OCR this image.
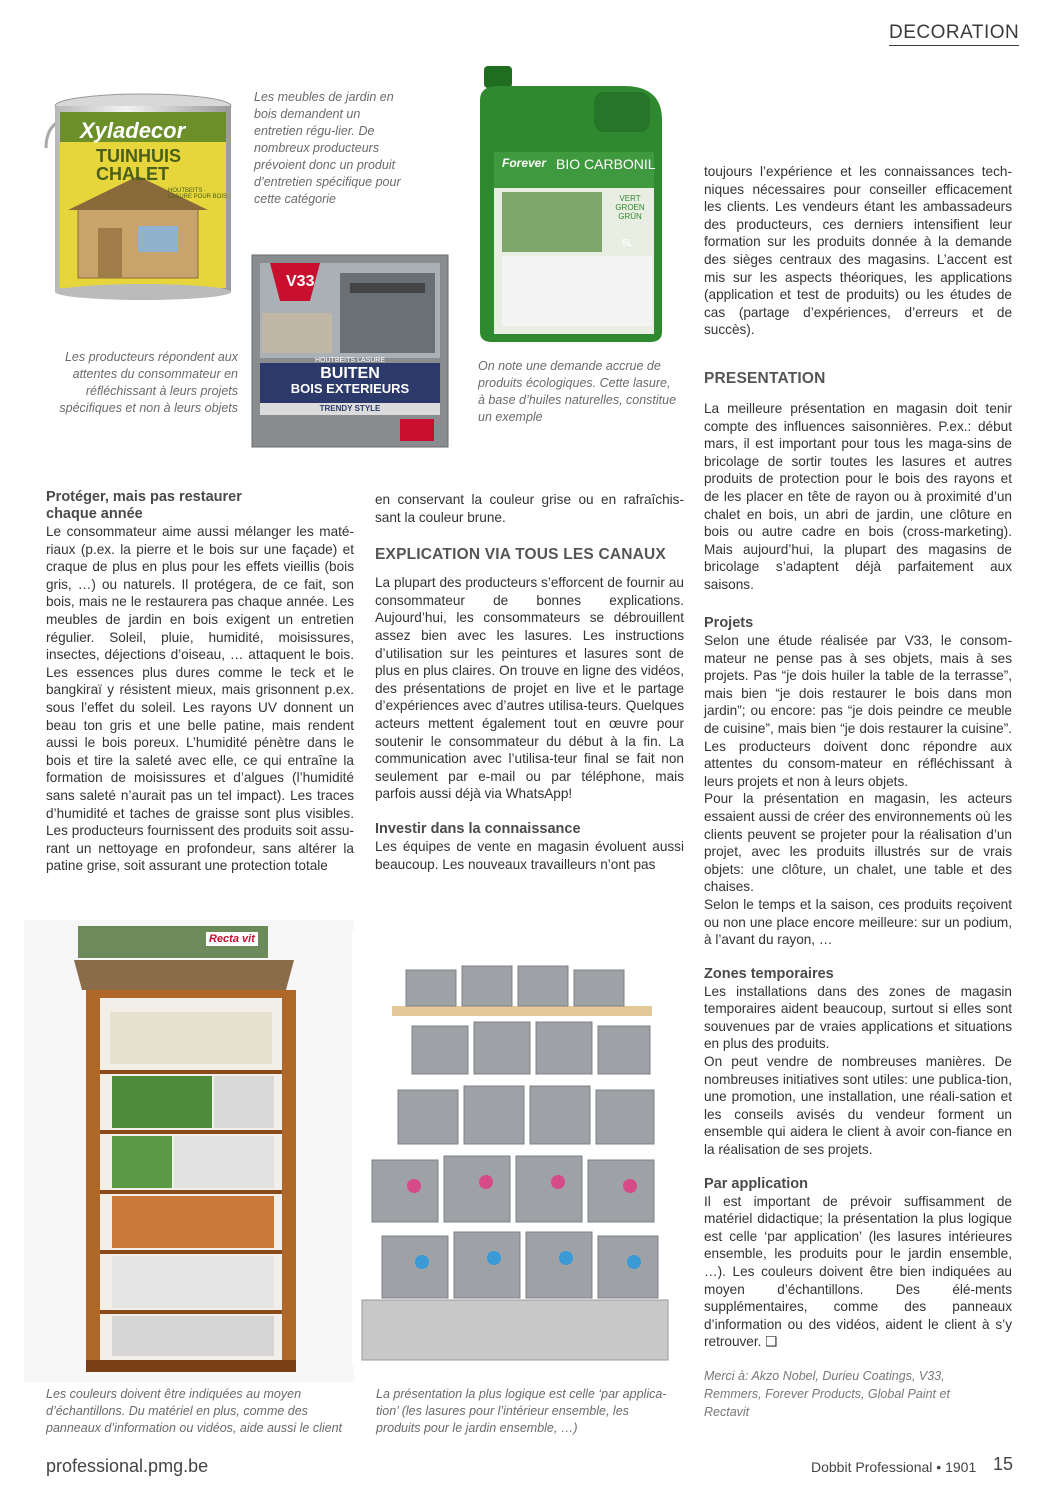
DECORATION
Xyladecor
TUINHUIS
CHALET
HOUTBEITS · LASURE POUR BOIS
Les meubles de jardin en bois demandent un entretien régu-lier. De nombreux producteurs prévoient donc un produit d’entretien spécifique pour cette catégorie
V33
HOUTBEITS LASURE
BUITEN
BOIS EXTERIEURS
TRENDY STYLE
Les producteurs répondent aux attentes du consommateur en réfléchissant à leurs projets spécifiques et non à leurs objets
Forever BIO CARBONIL
VERT GROEN GRÜN
5L
On note une demande accrue de produits écologiques. Cette lasure, à base d’huiles naturelles, constitue un exemple

toujours l’expérience et les connaissances tech-niques nécessaires pour conseiller efficacement les clients. Les vendeurs étant les ambassadeurs des producteurs, ces derniers intensifient leur formation sur les produits donnée à la demande des sièges centraux des magasins. L’accent est mis sur les aspects théoriques, les applications (application et test de produits) ou les études de cas (partage d’expériences, d’erreurs et de succès).

PRESENTATION

La meilleure présentation en magasin doit tenir compte des influences saisonnières. P.ex.: début mars, il est important pour tous les maga-sins de bricolage de sortir toutes les lasures et autres produits de protection pour le bois des rayons et de les placer en tête de rayon ou à proximité d’un chalet en bois, un abri de jardin, une clôture en bois ou autre cadre en bois (cross-marketing). Mais aujourd’hui, la plupart des magasins de bricolage s’adaptent déjà parfaitement aux saisons.

Projets

Selon une étude réalisée par V33, le consom-mateur ne pense pas à ses objets, mais à ses projets. Pas “je dois huiler la table de la terrasse”, mais bien “je dois restaurer le bois dans mon jardin”; ou encore: pas “je dois peindre ce meuble de cuisine”, mais bien “je dois restaurer la cuisine”. Les producteurs doivent donc répondre aux attentes du consom-mateur en réfléchissant à leurs projets et non à leurs objets.

Pour la présentation en magasin, les acteurs essaient aussi de créer des environnements où les clients peuvent se projeter pour la réalisation d’un projet, avec les produits illustrés sur de vrais objets: une clôture, un chalet, une table et des chaises.

Selon le temps et la saison, ces produits reçoivent ou non une place encore meilleure: sur un podium, à l’avant du rayon, …

Zones temporaires

Les installations dans des zones de magasin temporaires aident beaucoup, surtout si elles sont souvenues par de vraies applications et situations en plus des produits.

On peut vendre de nombreuses manières. De nombreuses initiatives sont utiles: une publica-tion, une promotion, une installation, une réali-sation et les conseils avisés du vendeur forment un ensemble qui aidera le client à avoir con-fiance en la réalisation de ses projets.

Par application

Il est important de prévoir suffisamment de matériel didactique; la présentation la plus logique est celle ‘par application’ (les lasures intérieures ensemble, les produits pour le jardin ensemble, …). Les couleurs doivent être bien indiquées au moyen d’échantillons. Des élé-ments supplémentaires, comme des panneaux d’information ou des vidéos, aident le client à s’y retrouver. ❑

Merci à: Akzo Nobel, Durieu Coatings, V33, Remmers, Forever Products, Global Paint et Rectavit
Protéger, mais pas restaurer chaque année

Le consommateur aime aussi mélanger les maté-riaux (p.ex. la pierre et le bois sur une façade) et craque de plus en plus pour les effets vieillis (bois gris, …) ou naturels. Il protégera, de ce fait, son bois, mais ne le restaurera pas chaque année. Les meubles de jardin en bois exigent un entretien régulier. Soleil, pluie, humidité, moisissures, insectes, déjections d’oiseau, … attaquent le bois. Les essences plus dures comme le teck et le bangkiraï y résistent mieux, mais grisonnent p.ex. sous l’effet du soleil. Les rayons UV donnent un beau ton gris et une belle patine, mais rendent aussi le bois poreux. L’humidité pénètre dans le bois et tire la saleté avec elle, ce qui entraîne la formation de moisissures et d’algues (l’humidité sans saleté n’aurait pas un tel impact). Les traces d’humidité et taches de graisse sont plus visibles. Les producteurs fournissent des produits soit assu-rant un nettoyage en profondeur, sans altérer la patine grise, soit assurant une protection totale

en conservant la couleur grise ou en rafraîchis-sant la couleur brune.

EXPLICATION VIA TOUS LES CANAUX

La plupart des producteurs s’efforcent de fournir au consommateur de bonnes explications. Aujourd’hui, les consommateurs se débrouillent assez bien avec les lasures. Les instructions d’utilisation sur les peintures et lasures sont de plus en plus claires. On trouve en ligne des vidéos, des présentations de projet en live et le partage d’expériences avec d’autres utilisa-teurs. Quelques acteurs mettent également tout en œuvre pour soutenir le consommateur du début à la fin. La communication avec l’utilisa-teur final se fait non seulement par e-mail ou par téléphone, mais parfois aussi déjà via WhatsApp!

Investir dans la connaissance

Les équipes de vente en magasin évoluent aussi beaucoup. Les nouveaux travailleurs n’ont pas

Recta vit
Les couleurs doivent être indiquées au moyen d’échantillons. Du matériel en plus, comme des panneaux d’information ou vidéos, aide aussi le client
La présentation la plus logique est celle ‘par applica-tion’ (les lasures pour l’intérieur ensemble, les produits pour le jardin ensemble, …)
professional.pmg.be	Dobbit Professional • 1901 15
